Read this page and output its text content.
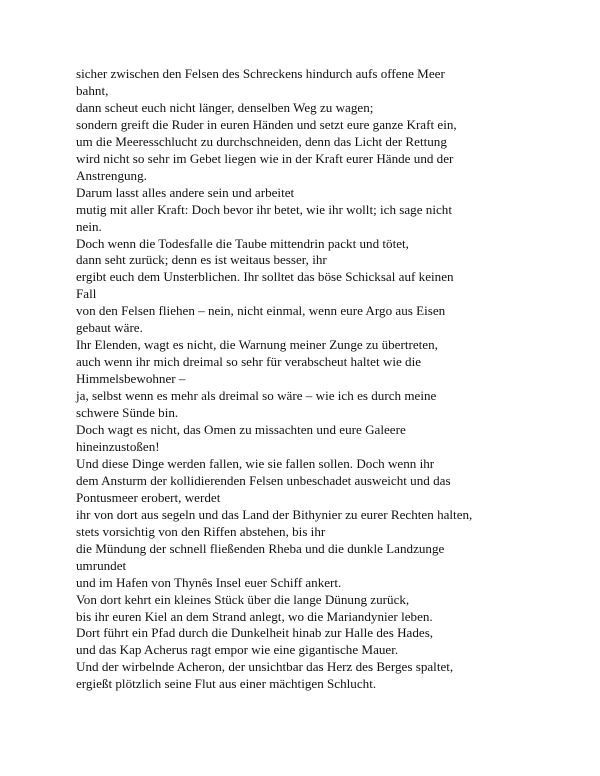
sicher zwischen den Felsen des Schreckens hindurch aufs offene Meer
bahnt,
dann scheut euch nicht länger, denselben Weg zu wagen;
sondern greift die Ruder in euren Händen und setzt eure ganze Kraft ein,
um die Meeresschlucht zu durchschneiden, denn das Licht der Rettung
wird nicht so sehr im Gebet liegen wie in der Kraft eurer Hände und der
Anstrengung.
Darum lasst alles andere sein und arbeitet
mutig mit aller Kraft: Doch bevor ihr betet, wie ihr wollt; ich sage nicht
nein.
Doch wenn die Todesfalle die Taube mittendrin packt und tötet,
dann seht zurück; denn es ist weitaus besser, ihr
ergibt euch dem Unsterblichen. Ihr solltet das böse Schicksal auf keinen
Fall
von den Felsen fliehen – nein, nicht einmal, wenn eure Argo aus Eisen
gebaut wäre.
Ihr Elenden, wagt es nicht, die Warnung meiner Zunge zu übertreten,
auch wenn ihr mich dreimal so sehr für verabscheut haltet wie die
Himmelsbewohner –
ja, selbst wenn es mehr als dreimal so wäre – wie ich es durch meine
schwere Sünde bin.
Doch wagt es nicht, das Omen zu missachten und eure Galeere
hineinzustoßen!
Und diese Dinge werden fallen, wie sie fallen sollen. Doch wenn ihr
dem Ansturm der kollidierenden Felsen unbeschadet ausweicht und das
Pontusmeer erobert, werdet
ihr von dort aus segeln und das Land der Bithynier zu eurer Rechten halten,
stets vorsichtig von den Riffen abstehen, bis ihr
die Mündung der schnell fließenden Rheba und die dunkle Landzunge
umrundet
und im Hafen von Thynês Insel euer Schiff ankert.
Von dort kehrt ein kleines Stück über die lange Dünung zurück,
bis ihr euren Kiel an dem Strand anlegt, wo die Mariandynier leben.
Dort führt ein Pfad durch die Dunkelheit hinab zur Halle des Hades,
und das Kap Acherus ragt empor wie eine gigantische Mauer.
Und der wirbelnde Acheron, der unsichtbar das Herz des Berges spaltet,
ergießt plötzlich seine Flut aus einer mächtigen Schlucht.
